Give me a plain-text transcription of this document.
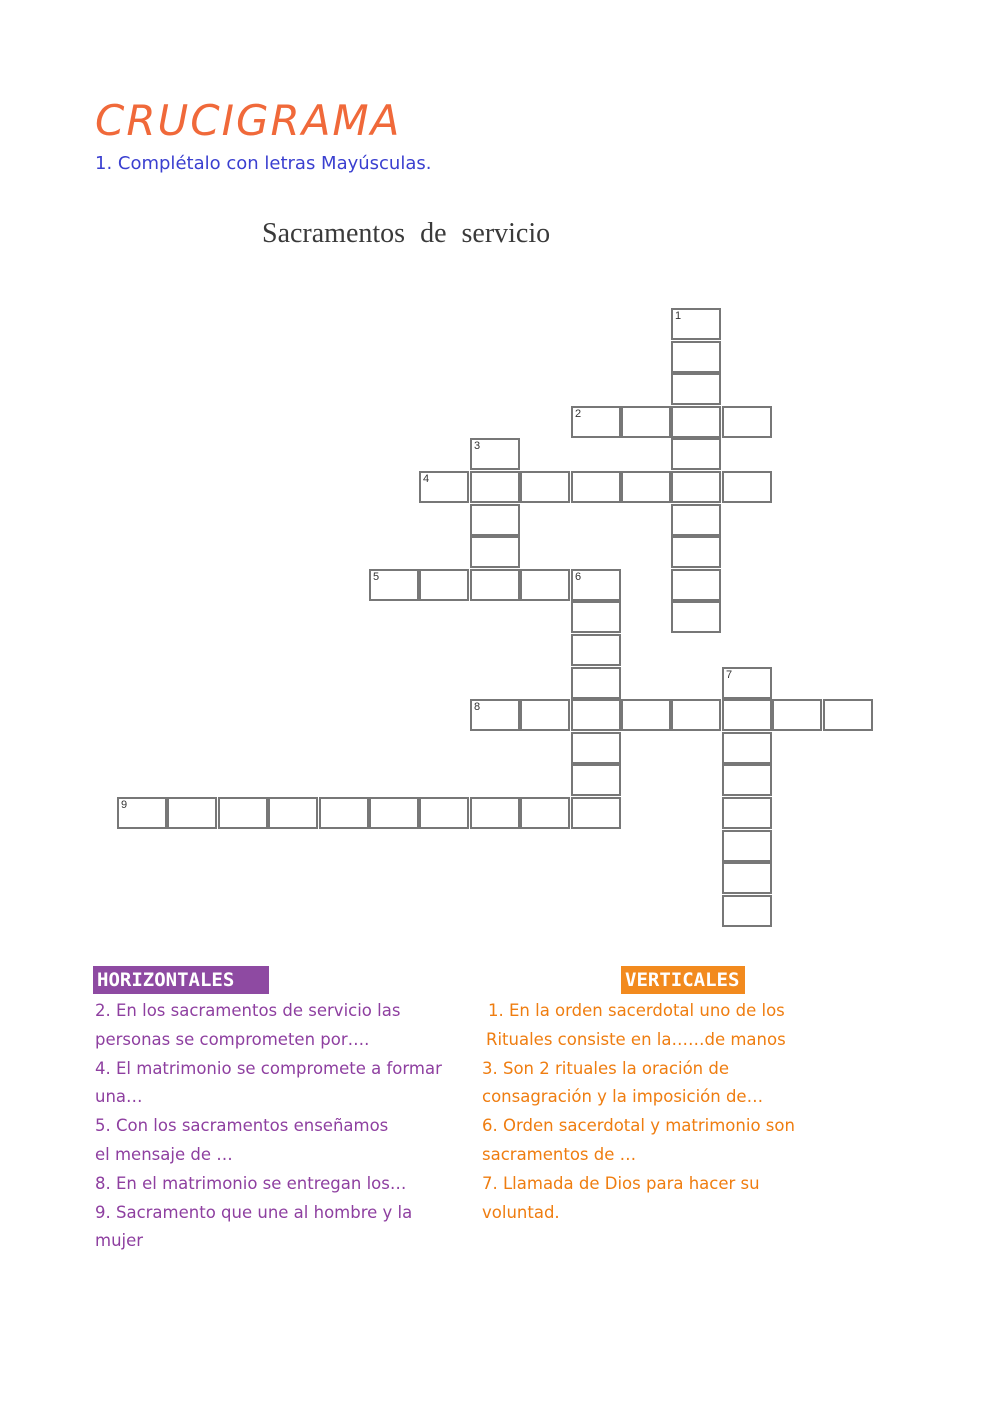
CRUCIGRAMA

1. Complétalo con letras Mayúsculas.

Sacramentos de servicio

1
2
3
4
5	6
7
8
9
HORIZONTALES	VERTICALES
2. En los sacramentos de servicio las
personas se comprometen por….
4. El matrimonio se compromete a formar
una…
5. Con los sacramentos enseñamos
el mensaje de …
8. En el matrimonio se entregan los…
9. Sacramento que une al hombre y la
mujer
1. En la orden sacerdotal uno de los
Rituales consiste en la……de manos
3. Son 2 rituales la oración de
consagración y la imposición de…
6. Orden sacerdotal y matrimonio son
sacramentos de …
7. Llamada de Dios para hacer su
voluntad.
